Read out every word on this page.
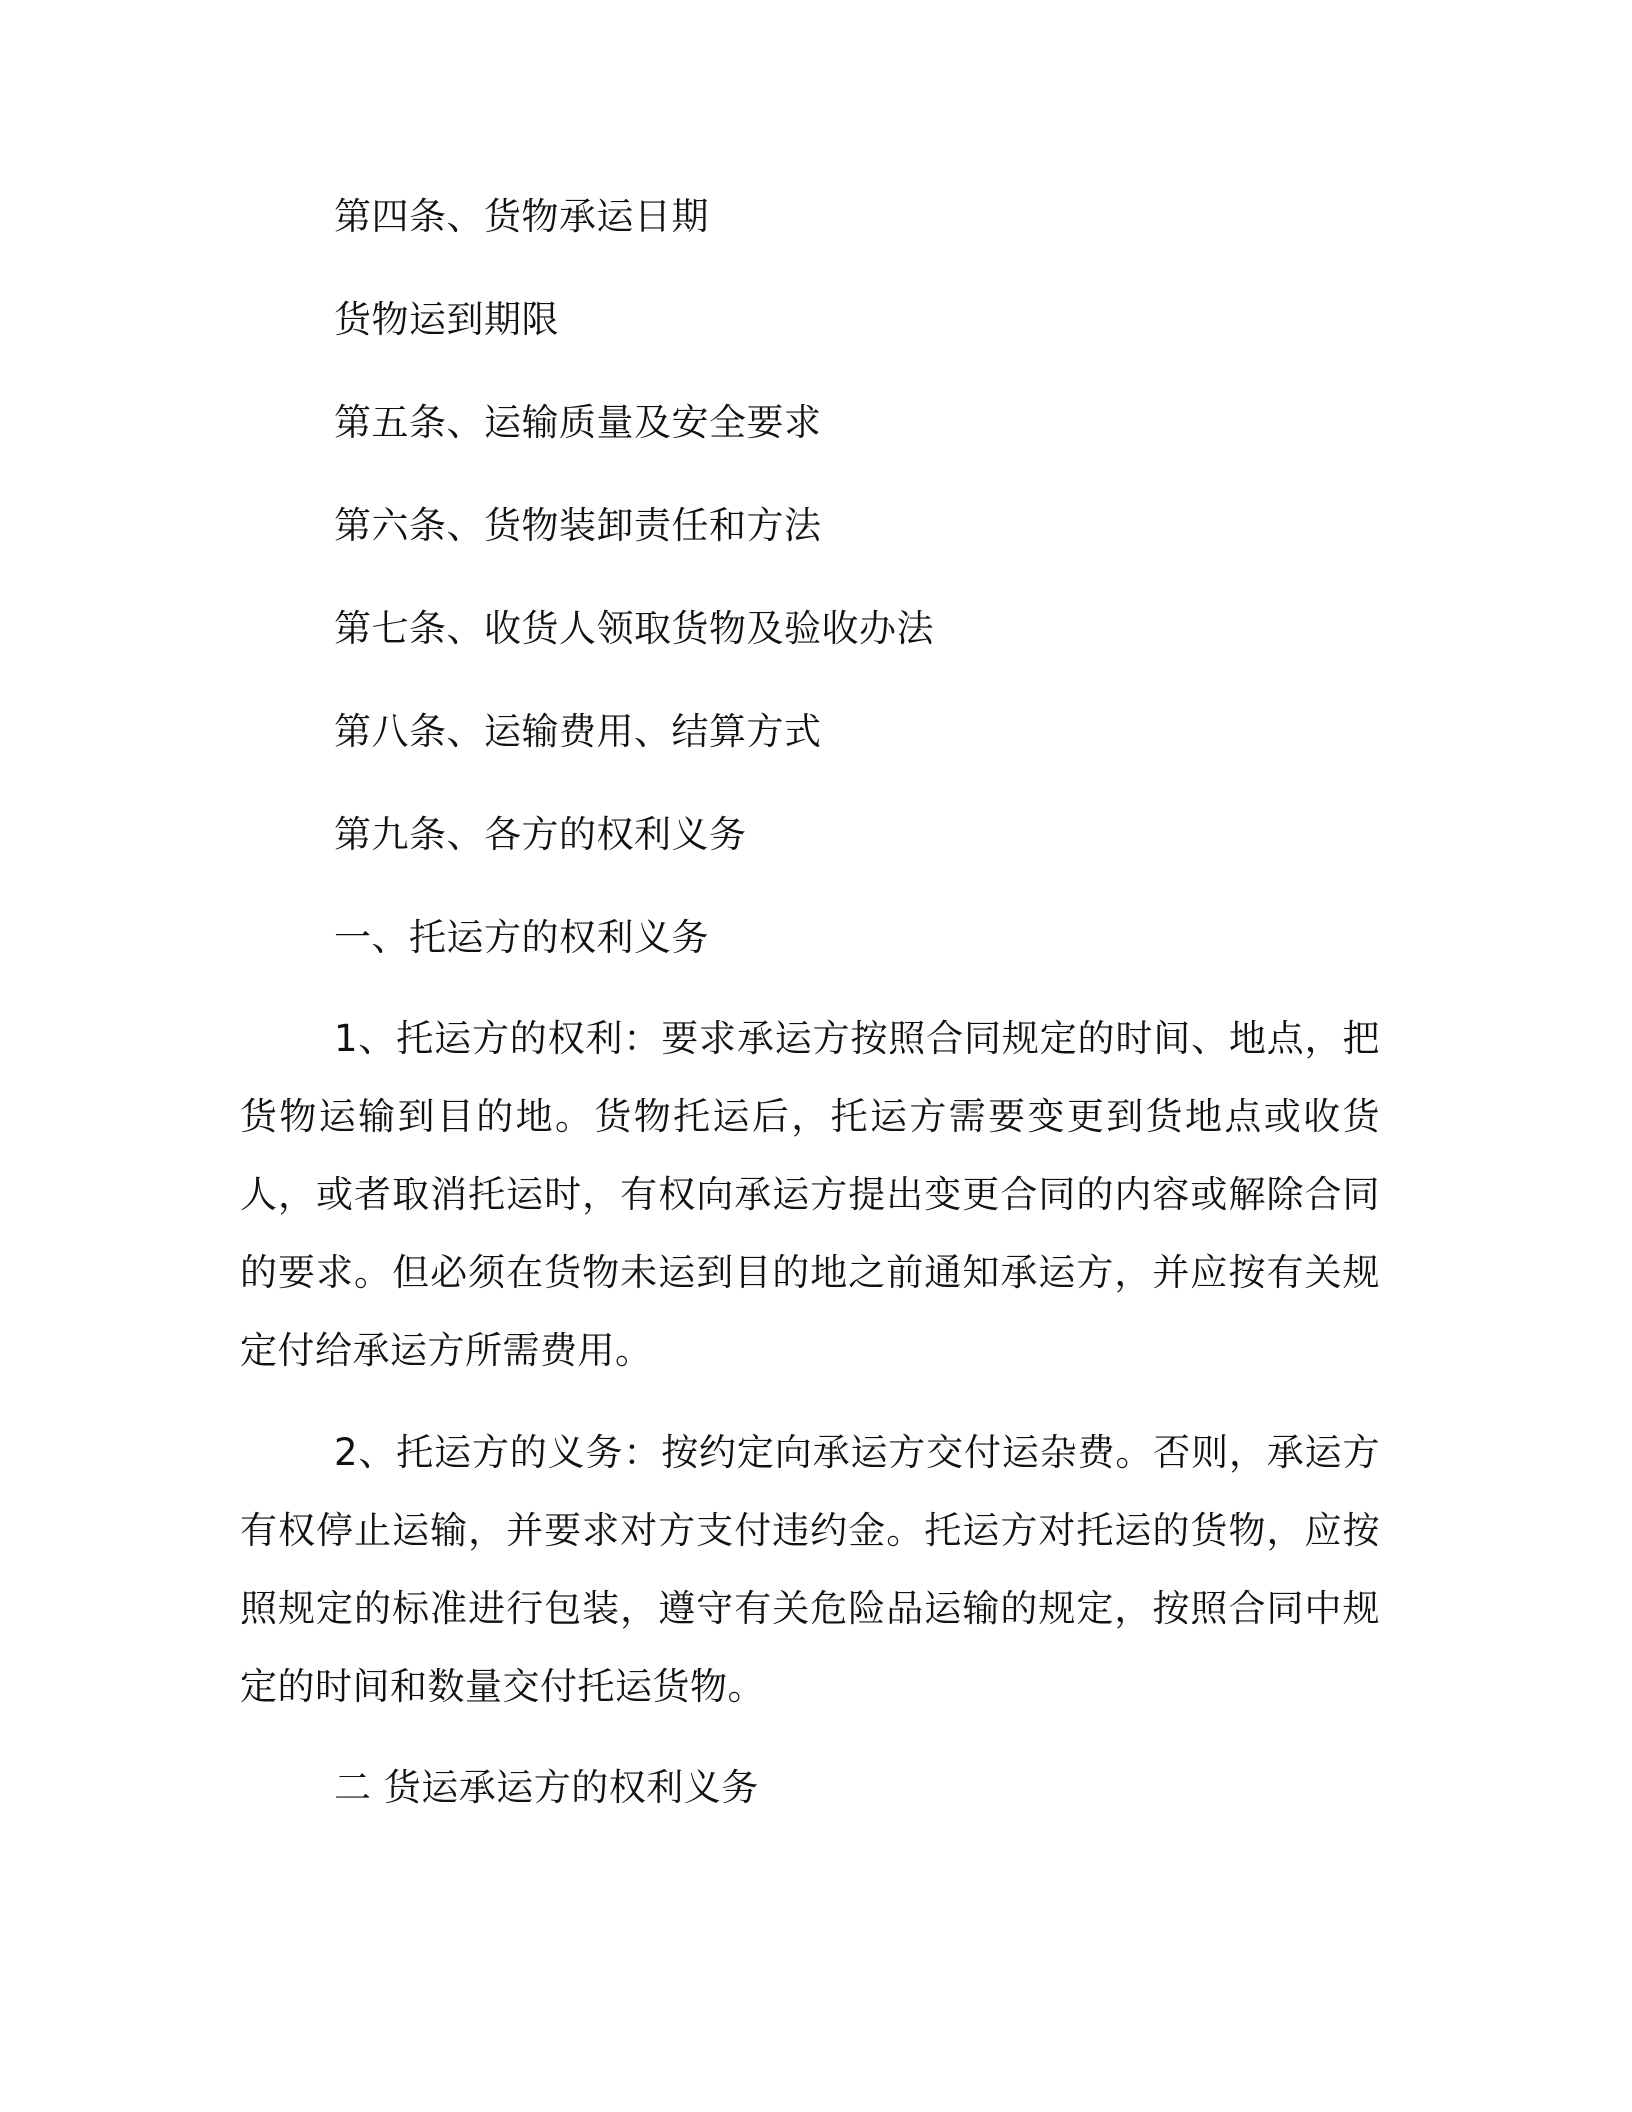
第四条、货物承运日期
货物运到期限
第五条、运输质量及安全要求
第六条、货物装卸责任和方法
第七条、收货人领取货物及验收办法
第八条、运输费用、结算方式
第九条、各方的权利义务
一、托运方的权利义务
1、托运方的权利：要求承运方按照合同规定的时间、地点，把货物运输到目的地。货物托运后，托运方需要变更到货地点或收货人，或者取消托运时，有权向承运方提出变更合同的内容或解除合同的要求。但必须在货物未运到目的地之前通知承运方，并应按有关规定付给承运方所需费用。
2、托运方的义务：按约定向承运方交付运杂费。否则，承运方有权停止运输，并要求对方支付违约金。托运方对托运的货物，应按照规定的标准进行包装，遵守有关危险品运输的规定，按照合同中规定的时间和数量交付托运货物。
二 货运承运方的权利义务
